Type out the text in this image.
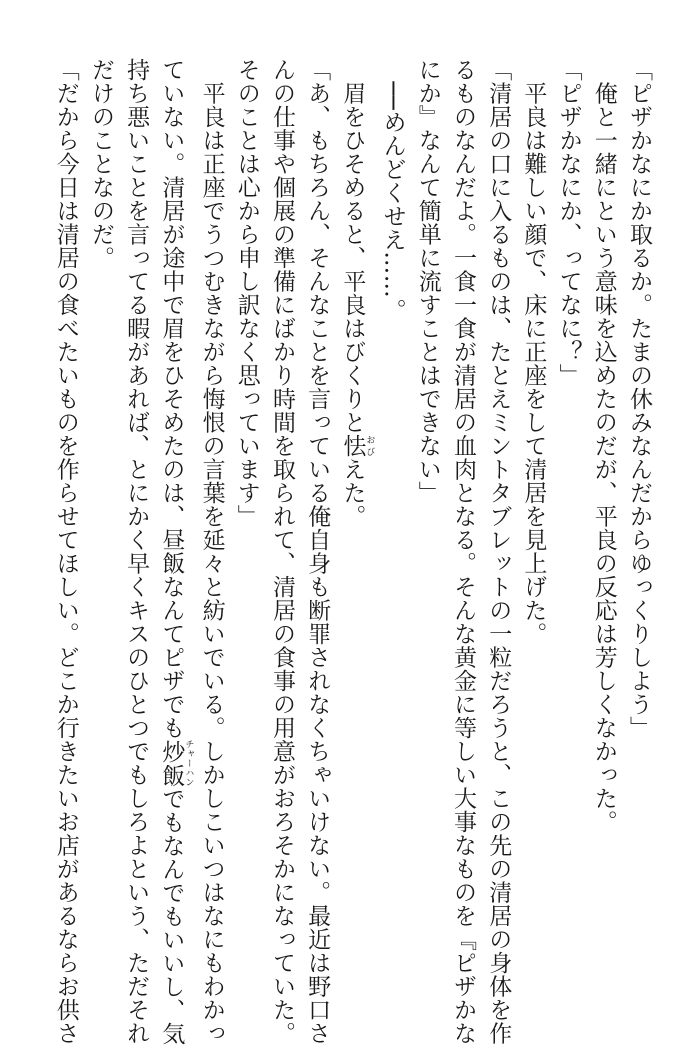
「ピザかなにか取るか。たまの休みなんだからゆっくりしよう」
　俺と一緒にという意味を込めたのだが、平良の反応は芳しくなかった。
「ピザかなにか、ってなに？」
　平良は難しい顔で、床に正座をして清居を見上げた。
「清居の口に入るものは、たとえミントタブレットの一粒だろうと、この先の清居の身体を作
るものなんだよ。一食一食が清居の血肉となる。そんな黄金に等しい大事なものを『ピザかな
にか』なんて簡単に流すことはできない」
　──めんどくせえ……。
　眉をひそめると、平良はびくりと怯 おびえた。
「あ、もちろん、そんなことを言っている俺自身も断罪されなくちゃいけない。最近は野口さ
んの仕事や個展の準備にばかり時間を取られて、清居の食事の用意がおろそかになっていた。
そのことは心から申し訳なく思っています」
　平良は正座でうつむきながら悔恨の言葉を延々と紡いでいる。しかしこいつはなにもわかっ
ていない。清居が途中で眉をひそめたのは、昼飯なんてピザでも炒飯 チャーハンでもなんでもいいし、気
持ち悪いことを言ってる暇があれば、とにかく早くキスのひとつでもしろよという、ただそれ
だけのことなのだ。
「だから今日は清居の食べたいものを作らせてほしい。どこか行きたいお店があるならお供さ
